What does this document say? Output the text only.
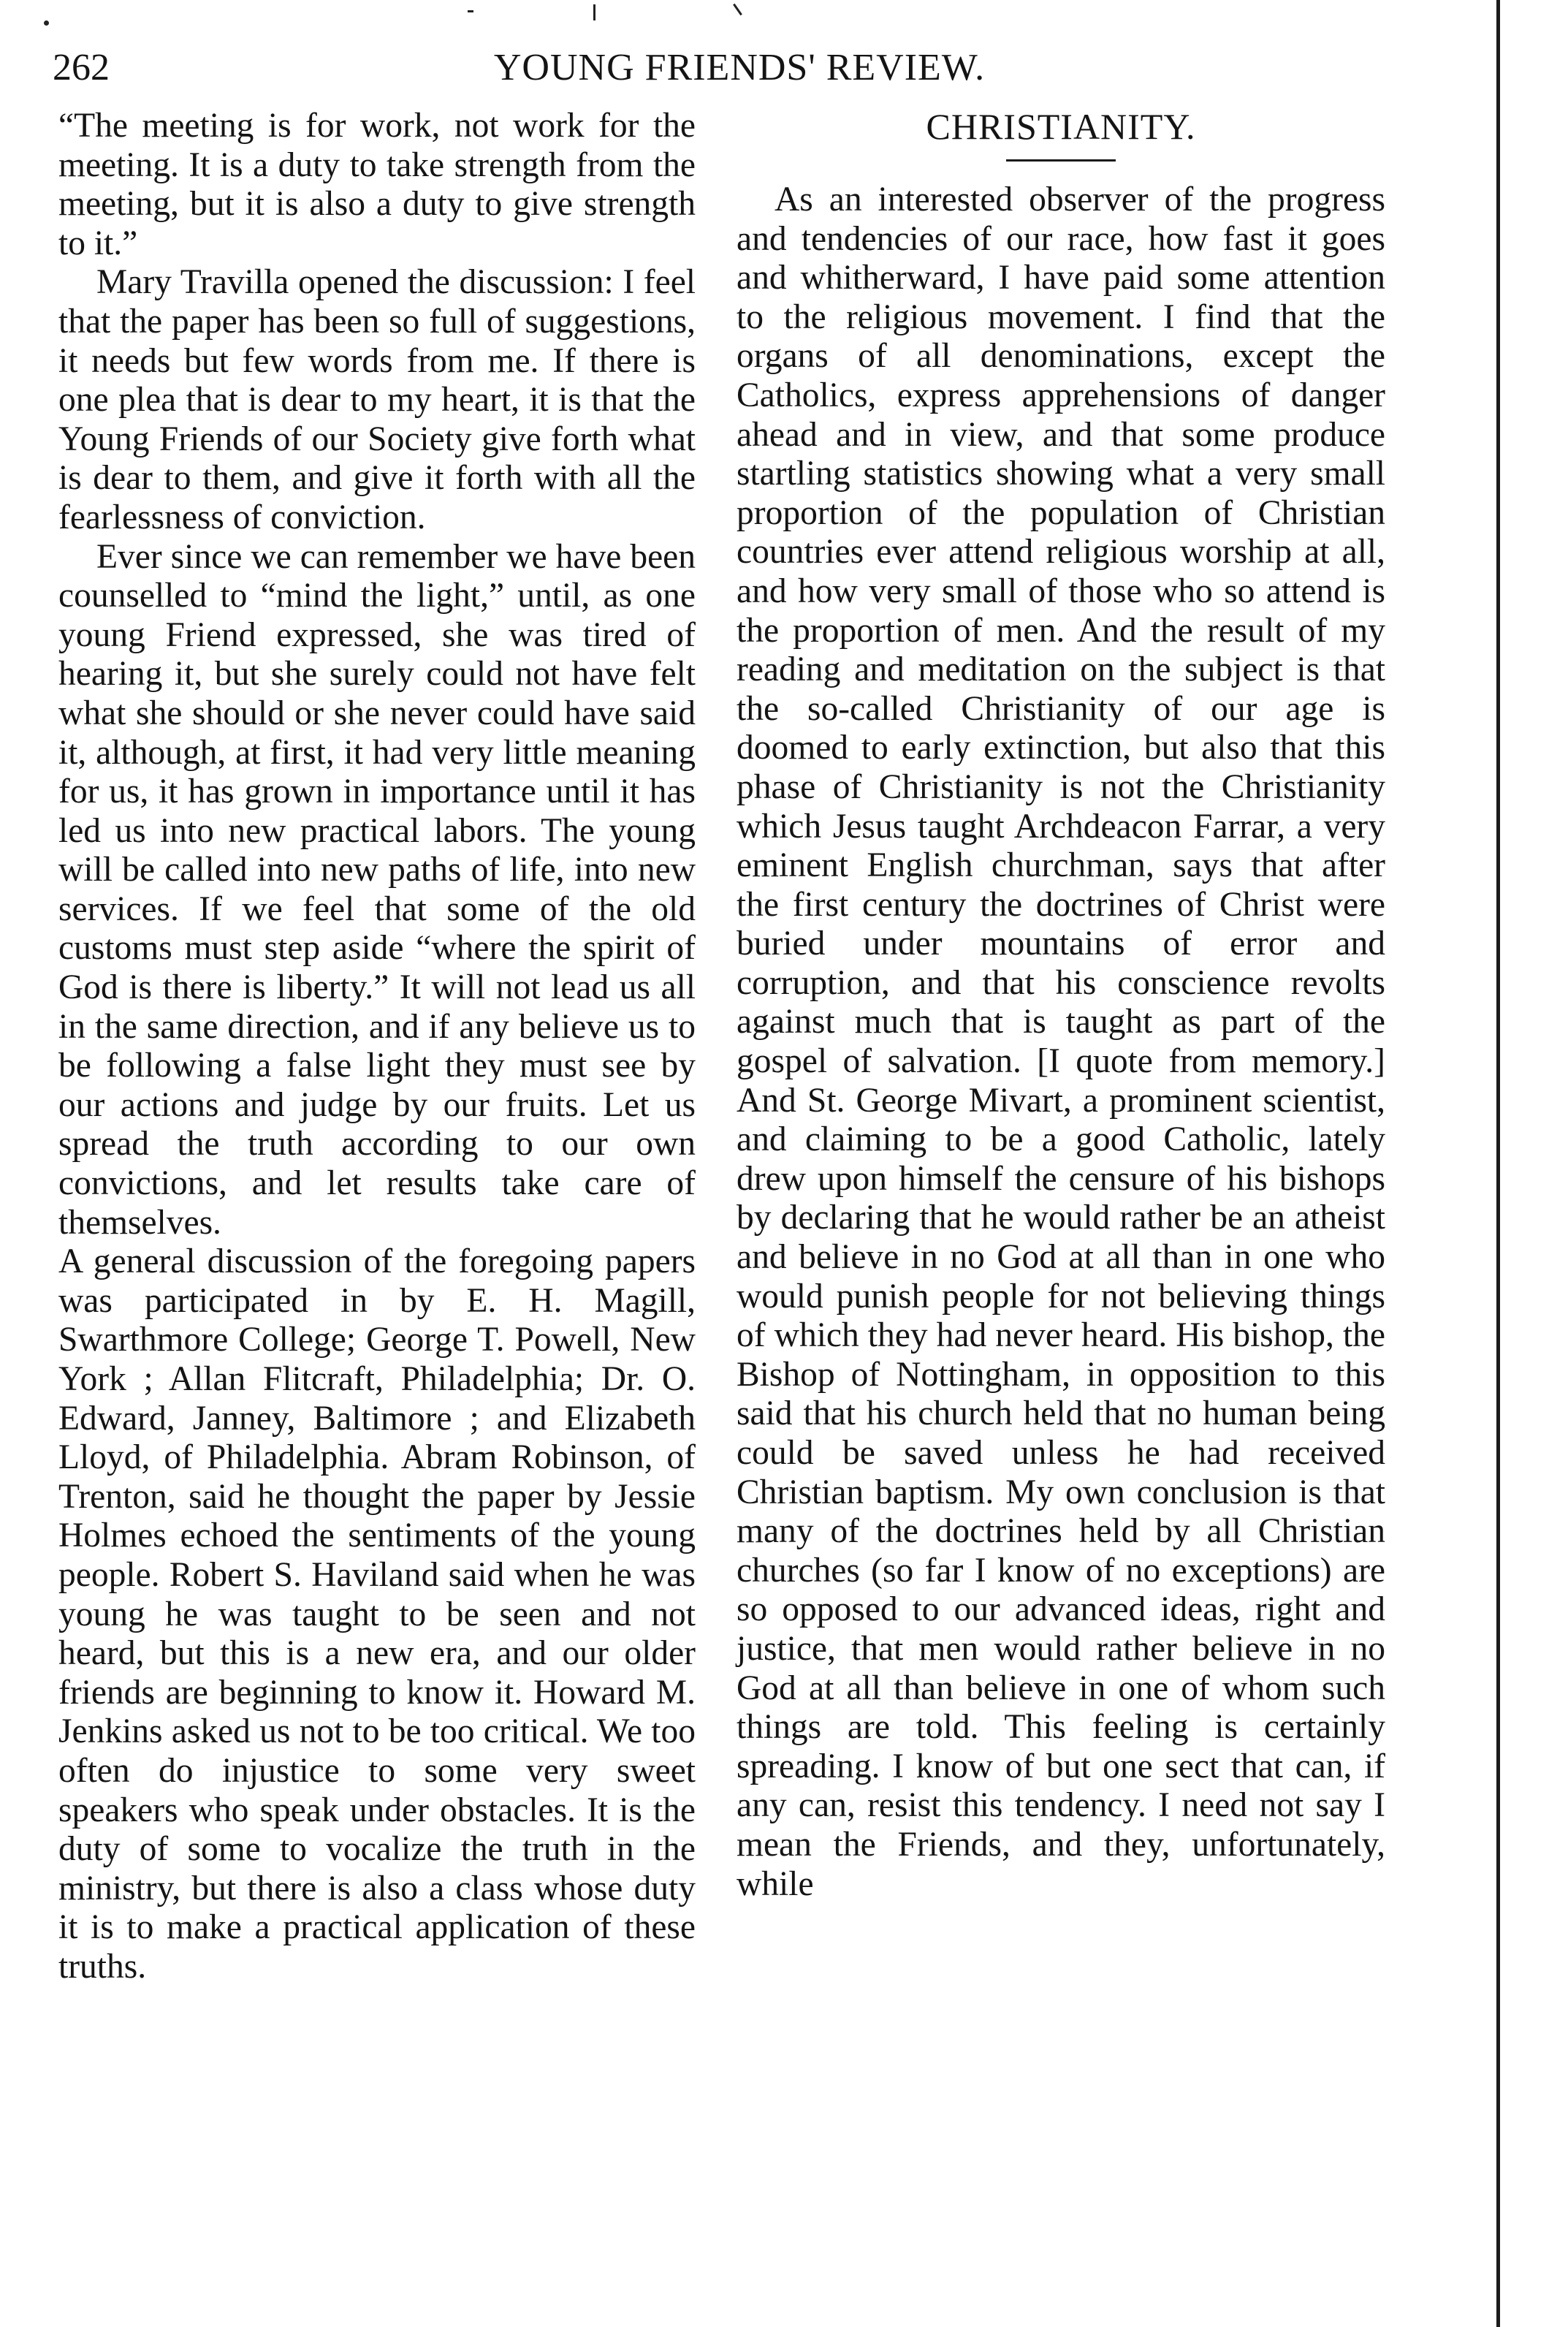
262	YOUNG FRIENDS' REVIEW.

“The meeting is for work, not work for the meeting. It is a duty to take strength from the meeting, but it is also a duty to give strength to it.”

Mary Travilla opened the discussion: I feel that the paper has been so full of suggestions, it needs but few words from me. If there is one plea that is dear to my heart, it is that the Young Friends of our Society give forth what is dear to them, and give it forth with all the fearlessness of conviction.

Ever since we can remember we have been counselled to “mind the light,” until, as one young Friend expressed, she was tired of hearing it, but she surely could not have felt what she should or she never could have said it, although, at first, it had very little meaning for us, it has grown in importance until it has led us into new practical labors. The young will be called into new paths of life, into new services. If we feel that some of the old customs must step aside “where the spirit of God is there is liberty.” It will not lead us all in the same direction, and if any believe us to be following a false light they must see by our actions and judge by our fruits. Let us spread the truth according to our own convictions, and let results take care of themselves.

A general discussion of the foregoing papers was participated in by E. H. Magill, Swarthmore College; George T. Powell, New York ; Allan Flitcraft, Philadelphia; Dr. O. Edward, Janney, Baltimore ; and Elizabeth Lloyd, of Philadelphia. Abram Robinson, of Trenton, said he thought the paper by Jessie Holmes echoed the sentiments of the young people. Robert S. Haviland said when he was young he was taught to be seen and not heard, but this is a new era, and our older friends are beginning to know it. Howard M. Jenkins asked us not to be too critical. We too often do injustice to some very sweet speakers who speak under obstacles. It is the duty of some to vocalize the truth in the ministry, but there is also a class whose duty it is to make a practical application of these truths.

CHRISTIANITY.

As an interested observer of the progress and tendencies of our race, how fast it goes and whitherward, I have paid some attention to the religious movement. I find that the organs of all denominations, except the Catholics, express apprehensions of danger ahead and in view, and that some produce startling statistics showing what a very small proportion of the population of Christian countries ever attend religious worship at all, and how very small of those who so attend is the proportion of men. And the result of my reading and meditation on the subject is that the so-called Christianity of our age is doomed to early extinction, but also that this phase of Christianity is not the Christianity which Jesus taught Archdeacon Farrar, a very eminent English churchman, says that after the first century the doctrines of Christ were buried under mountains of error and corruption, and that his conscience revolts against much that is taught as part of the gospel of salvation. [I quote from memory.] And St. George Mivart, a prominent scientist, and claiming to be a good Catholic, lately drew upon himself the censure of his bishops by declaring that he would rather be an atheist and believe in no God at all than in one who would punish people for not believing things of which they had never heard. His bishop, the Bishop of Nottingham, in opposition to this said that his church held that no human being could be saved unless he had received Christian baptism. My own conclusion is that many of the doctrines held by all Christian churches (so far I know of no exceptions) are so opposed to our advanced ideas, right and justice, that men would rather believe in no God at all than believe in one of whom such things are told. This feeling is certainly spreading. I know of but one sect that can, if any can, resist this tendency. I need not say I mean the Friends, and they, unfortunately, while
